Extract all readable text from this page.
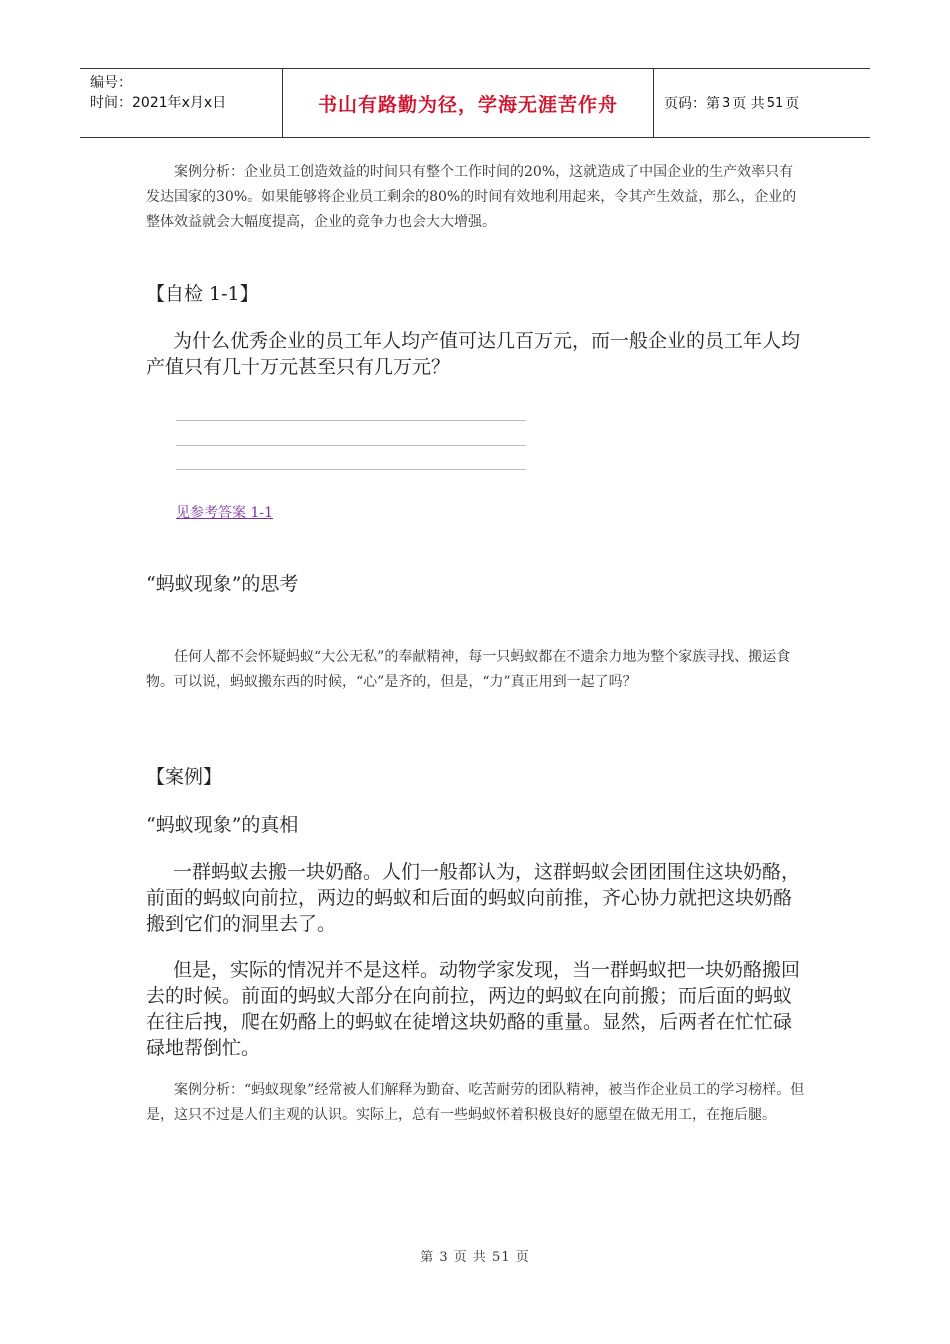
编号：
时间：2021年x月x日	书山有路勤为径，学海无涯苦作舟	页码：第 3 页 共 51 页

案例分析：企业员工创造效益的时间只有整个工作时间的20%，这就造成了中国企业的生产效率只有发达国家的30%。如果能够将企业员工剩余的80%的时间有效地利用起来，令其产生效益，那么，企业的整体效益就会大幅度提高，企业的竞争力也会大大增强。

【自检 1-1】

为什么优秀企业的员工年人均产值可达几百万元，而一般企业的员工年人均产值只有几十万元甚至只有几万元？

见参考答案 1-1

“蚂蚁现象”的思考

任何人都不会怀疑蚂蚁“大公无私”的奉献精神，每一只蚂蚁都在不遗余力地为整个家族寻找、搬运食物。可以说，蚂蚁搬东西的时候，“心”是齐的，但是，“力”真正用到一起了吗？

【案例】

“蚂蚁现象”的真相

一群蚂蚁去搬一块奶酪。人们一般都认为，这群蚂蚁会团团围住这块奶酪，前面的蚂蚁向前拉，两边的蚂蚁和后面的蚂蚁向前推，齐心协力就把这块奶酪搬到它们的洞里去了。

但是，实际的情况并不是这样。动物学家发现，当一群蚂蚁把一块奶酪搬回去的时候。前面的蚂蚁大部分在向前拉，两边的蚂蚁在向前搬；而后面的蚂蚁在往后拽，爬在奶酪上的蚂蚁在徒增这块奶酪的重量。显然，后两者在忙忙碌碌地帮倒忙。

案例分析：“蚂蚁现象”经常被人们解释为勤奋、吃苦耐劳的团队精神，被当作企业员工的学习榜样。但是，这只不过是人们主观的认识。实际上，总有一些蚂蚁怀着积极良好的愿望在做无用工，在拖后腿。

第 3 页 共 51 页
